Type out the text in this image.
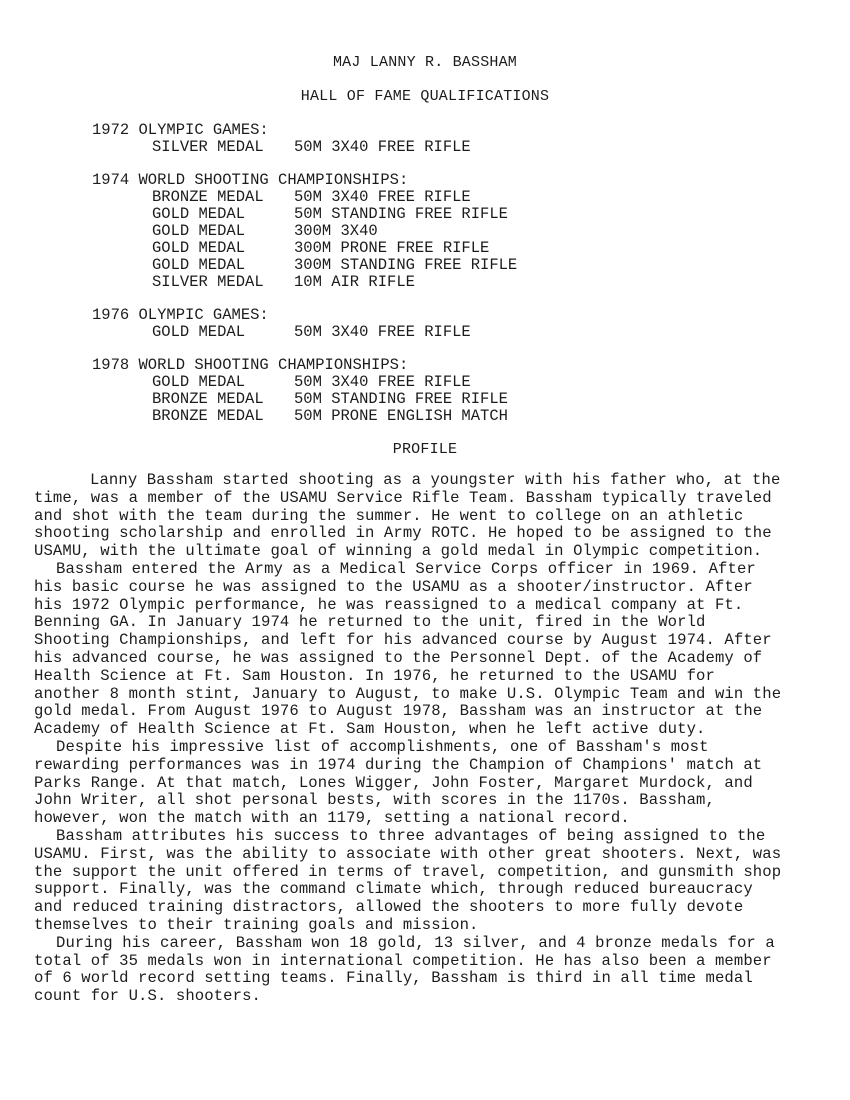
MAJ LANNY R. BASSHAM
HALL OF FAME QUALIFICATIONS
1972 OLYMPIC GAMES:
SILVER MEDAL	50M 3X40 FREE RIFLE
1974 WORLD SHOOTING CHAMPIONSHIPS:
BRONZE MEDAL	50M 3X40 FREE RIFLE
GOLD MEDAL	50M STANDING FREE RIFLE
GOLD MEDAL	300M 3X40
GOLD MEDAL	300M PRONE FREE RIFLE
GOLD MEDAL	300M STANDING FREE RIFLE
SILVER MEDAL	10M AIR RIFLE
1976 OLYMPIC GAMES:
GOLD MEDAL	50M 3X40 FREE RIFLE
1978 WORLD SHOOTING CHAMPIONSHIPS:
GOLD MEDAL	50M 3X40 FREE RIFLE
BRONZE MEDAL	50M STANDING FREE RIFLE
BRONZE MEDAL	50M PRONE ENGLISH MATCH
PROFILE

Lanny Bassham started shooting as a youngster with his father who, at the time, was a member of the USAMU Service Rifle Team. Bassham typically traveled and shot with the team during the summer. He went to college on an athletic shooting scholarship and enrolled in Army ROTC. He hoped to be assigned to the USAMU, with the ultimate goal of winning a gold medal in Olympic competition.

Bassham entered the Army as a Medical Service Corps officer in 1969. After his basic course he was assigned to the USAMU as a shooter/instructor. After his 1972 Olympic performance, he was reassigned to a medical company at Ft. Benning GA. In January 1974 he returned to the unit, fired in the World Shooting Championships, and left for his advanced course by August 1974. After his advanced course, he was assigned to the Personnel Dept. of the Academy of Health Science at Ft. Sam Houston. In 1976, he returned to the USAMU for another 8 month stint, January to August, to make U.S. Olympic Team and win the gold medal. From August 1976 to August 1978, Bassham was an instructor at the Academy of Health Science at Ft. Sam Houston, when he left active duty.

Despite his impressive list of accomplishments, one of Bassham's most rewarding performances was in 1974 during the Champion of Champions' match at Parks Range. At that match, Lones Wigger, John Foster, Margaret Murdock, and John Writer, all shot personal bests, with scores in the 1170s. Bassham, however, won the match with an 1179, setting a national record.

Bassham attributes his success to three advantages of being assigned to the USAMU. First, was the ability to associate with other great shooters. Next, was the support the unit offered in terms of travel, competition, and gunsmith shop support. Finally, was the command climate which, through reduced bureaucracy and reduced training distractors, allowed the shooters to more fully devote themselves to their training goals and mission.

During his career, Bassham won 18 gold, 13 silver, and 4 bronze medals for a total of 35 medals won in international competition. He has also been a member of 6 world record setting teams. Finally, Bassham is third in all time medal count for U.S. shooters.
